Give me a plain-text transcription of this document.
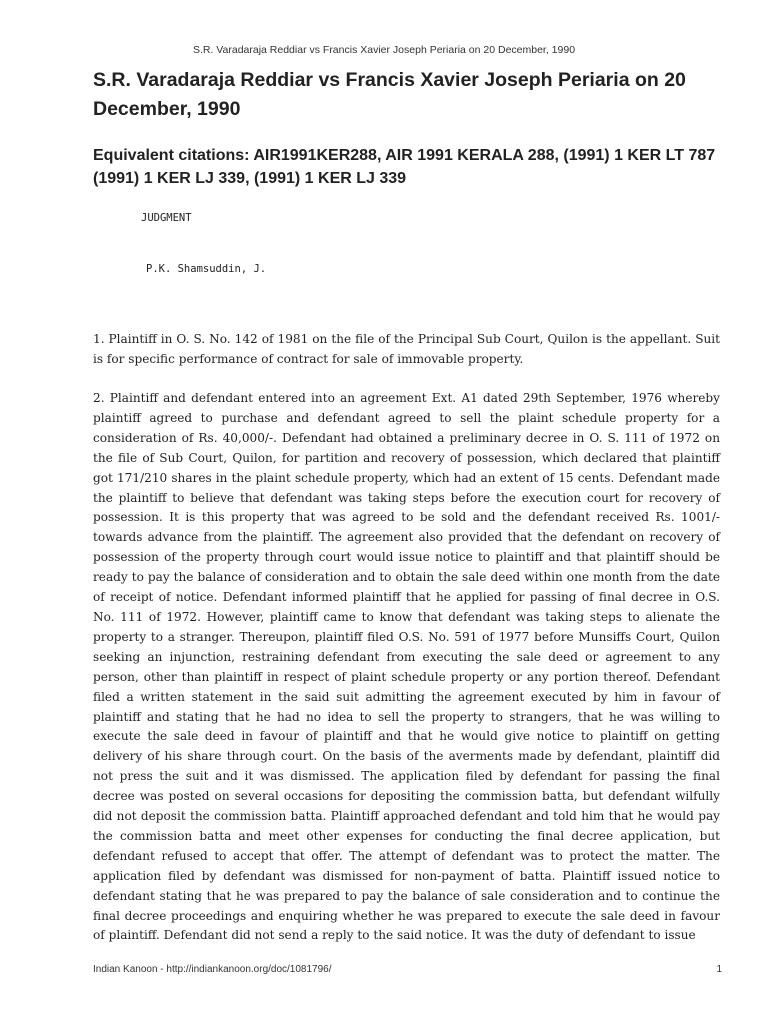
S.R. Varadaraja Reddiar vs Francis Xavier Joseph Periaria on 20 December, 1990
S.R. Varadaraja Reddiar vs Francis Xavier Joseph Periaria on 20 December, 1990
Equivalent citations: AIR1991KER288, AIR 1991 KERALA 288, (1991) 1 KER LT 787 (1991) 1 KER LJ 339, (1991) 1 KER LJ 339
JUDGMENT
P.K. Shamsuddin, J.

1. Plaintiff in O. S. No. 142 of 1981 on the file of the Principal Sub Court, Quilon is the appellant. Suit is for specific performance of contract for sale of immovable property.

2. Plaintiff and defendant entered into an agreement Ext. A1 dated 29th September, 1976 whereby plaintiff agreed to purchase and defendant agreed to sell the plaint schedule property for a consideration of Rs. 40,000/-. Defendant had obtained a preliminary decree in O. S. 111 of 1972 on the file of Sub Court, Quilon, for partition and recovery of possession, which declared that plaintiff got 171/210 shares in the plaint schedule property, which had an extent of 15 cents. Defendant made the plaintiff to believe that defendant was taking steps before the execution court for recovery of possession. It is this property that was agreed to be sold and the defendant received Rs. 1001/- towards advance from the plaintiff. The agreement also provided that the defendant on recovery of possession of the property through court would issue notice to plaintiff and that plaintiff should be ready to pay the balance of consideration and to obtain the sale deed within one month from the date of receipt of notice. Defendant informed plaintiff that he applied for passing of final decree in O.S. No. 111 of 1972. However, plaintiff came to know that defendant was taking steps to alienate the property to a stranger. Thereupon, plaintiff filed O.S. No. 591 of 1977 before Munsiffs Court, Quilon seeking an injunction, restraining defendant from executing the sale deed or agreement to any person, other than plaintiff in respect of plaint schedule property or any portion thereof. Defendant filed a written statement in the said suit admitting the agreement executed by him in favour of plaintiff and stating that he had no idea to sell the property to strangers, that he was willing to execute the sale deed in favour of plaintiff and that he would give notice to plaintiff on getting delivery of his share through court. On the basis of the averments made by defendant, plaintiff did not press the suit and it was dismissed. The application filed by defendant for passing the final decree was posted on several occasions for depositing the commission batta, but defendant wilfully did not deposit the commission batta. Plaintiff approached defendant and told him that he would pay the commission batta and meet other expenses for conducting the final decree application, but defendant refused to accept that offer. The attempt of defendant was to protect the matter. The application filed by defendant was dismissed for non-payment of batta. Plaintiff issued notice to defendant stating that he was prepared to pay the balance of sale consideration and to continue the final decree proceedings and enquiring whether he was prepared to execute the sale deed in favour of plaintiff. Defendant did not send a reply to the said notice. It was the duty of defendant to issue

Indian Kanoon - http://indiankanoon.org/doc/1081796/	1
